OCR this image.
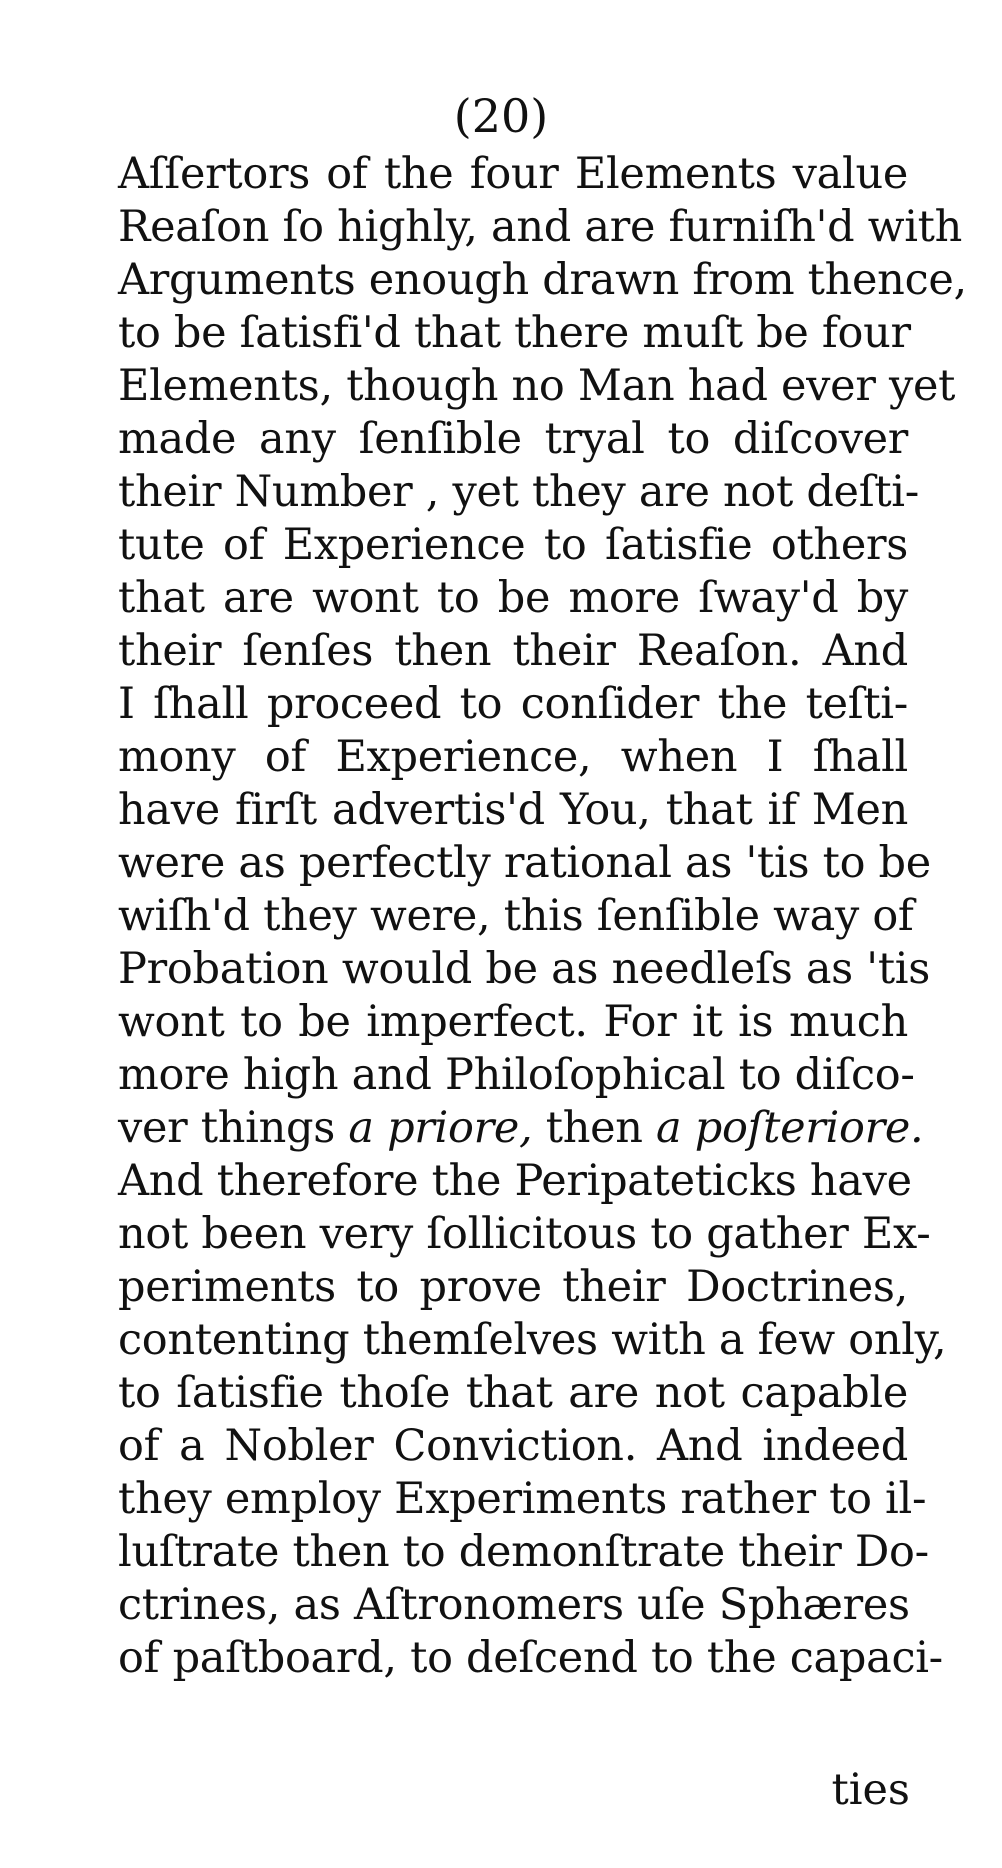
(20)
Aſſertors of the four Elements value
Reaſon ſo highly, and are furniſh'd with
Arguments enough drawn from thence,
to be ſatisfi'd that there muſt be four
Elements, though no Man had ever yet
made any ſenſible tryal to diſcover
their Number , yet they are not deſti-
tute of Experience to ſatisfie others
that are wont to be more ſway'd by
their ſenſes then their Reaſon. And
I ſhall proceed to conſider the teſti-
mony of Experience, when I ſhall
have firſt advertis'd You, that if Men
were as perfectly rational as 'tis to be
wiſh'd they were, this ſenſible way of
Probation would be as needleſs as 'tis
wont to be imperfect. For it is much
more high and Philoſophical to diſco-
ver things a priore, then a poſteriore.
And therefore the Peripateticks have
not been very ſollicitous to gather Ex-
periments to prove their Doctrines,
contenting themſelves with a few only,
to ſatisfie thoſe that are not capable
of a Nobler Conviction. And indeed
they employ Experiments rather to il-
luſtrate then to demonſtrate their Do-
ctrines, as Aſtronomers uſe Sphæres
of paſtboard, to deſcend to the capaci-
ties
